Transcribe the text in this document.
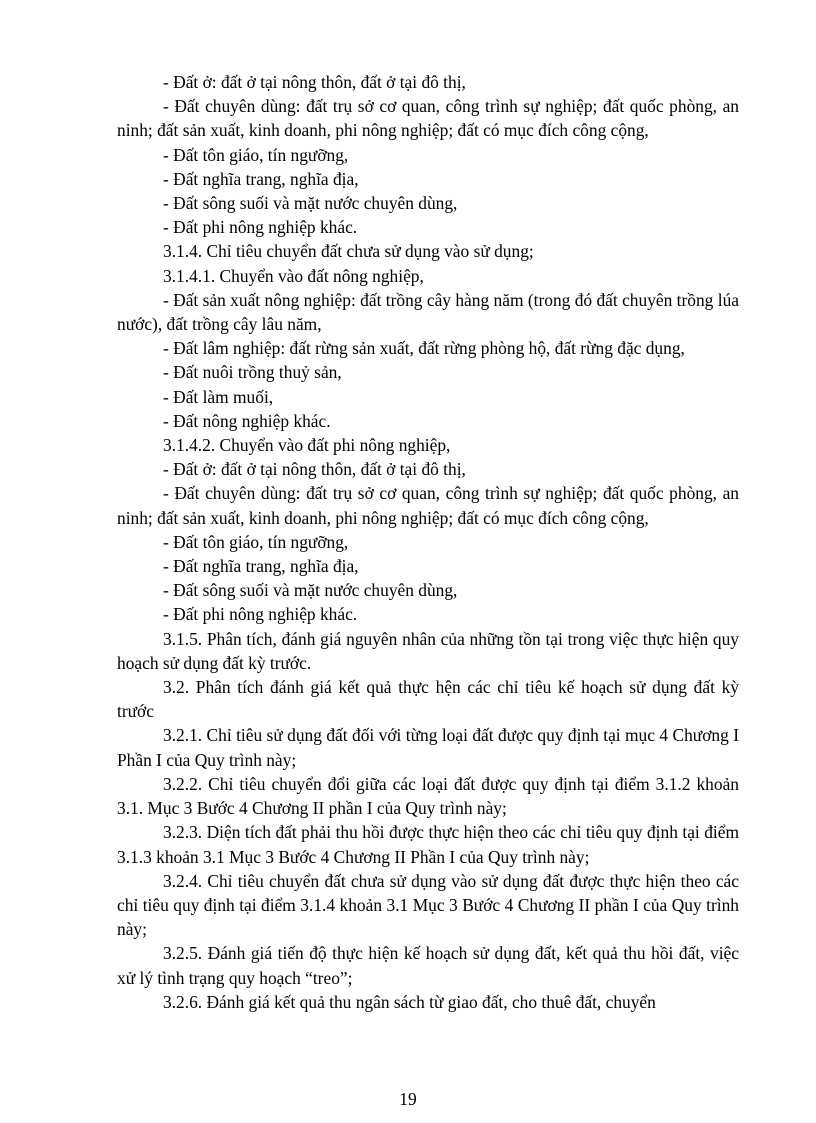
- Đất ở: đất ở tại nông thôn, đất ở tại đô thị,

- Đất chuyên dùng: đất trụ sở cơ quan, công trình sự nghiệp; đất quốc phòng, an ninh; đất sản xuất, kinh doanh, phi nông nghiệp; đất có mục đích công cộng,

- Đất tôn giáo, tín ngưỡng,

- Đất nghĩa trang, nghĩa địa,

- Đất sông suối và mặt nước chuyên dùng,

- Đất phi nông nghiệp khác.

3.1.4. Chỉ tiêu chuyển đất chưa sử dụng vào sử dụng;

3.1.4.1. Chuyển vào đất nông nghiệp,

- Đất sản xuất nông nghiệp: đất trồng cây hàng năm (trong đó đất chuyên trồng lúa nước), đất trồng cây lâu năm,

- Đất lâm nghiệp: đất rừng sản xuất, đất rừng phòng hộ, đất rừng đặc dụng,

- Đất nuôi trồng thuỷ sản,

- Đất làm muối,

- Đất nông nghiệp khác.

3.1.4.2. Chuyển vào đất phi nông nghiệp,

- Đất ở: đất ở tại nông thôn, đất ở tại đô thị,

- Đất chuyên dùng: đất trụ sở cơ quan, công trình sự nghiệp; đất quốc phòng, an ninh; đất sản xuất, kinh doanh, phi nông nghiệp; đất có mục đích công cộng,

- Đất tôn giáo, tín ngưỡng,

- Đất nghĩa trang, nghĩa địa,

- Đất sông suối và mặt nước chuyên dùng,

- Đất phi nông nghiệp khác.

3.1.5. Phân tích, đánh giá nguyên nhân của những tồn tại trong việc thực hiện quy hoạch sử dụng đất kỳ trước.

3.2. Phân tích đánh giá kết quả thực hện các chỉ tiêu kế hoạch sử dụng đất kỳ trước

3.2.1. Chỉ tiêu sử dụng đất đối với từng loại đất được quy định tại mục 4 Chương I Phần I của Quy trình này;

3.2.2. Chỉ tiêu chuyển đổi giữa các loại đất được quy định tại điểm 3.1.2 khoản 3.1. Mục 3 Bước 4 Chương II phần I của Quy trình này;

3.2.3. Diện tích đất phải thu hồi được thực hiện theo các chỉ tiêu quy định tại điểm 3.1.3 khoản 3.1 Mục 3 Bước 4 Chương II Phần I của Quy trình này;

3.2.4. Chỉ tiêu chuyển đất chưa sử dụng vào sử dụng đất được thực hiện theo các chỉ tiêu quy định tại điểm 3.1.4 khoản 3.1 Mục 3 Bước 4 Chương II phần I của Quy trình này;

3.2.5. Đánh giá tiến độ thực hiện kế hoạch sử dụng đất, kết quả thu hồi đất, việc xử lý tình trạng quy hoạch “treo”;

3.2.6. Đánh giá kết quả thu ngân sách từ giao đất, cho thuê đất, chuyển

19
